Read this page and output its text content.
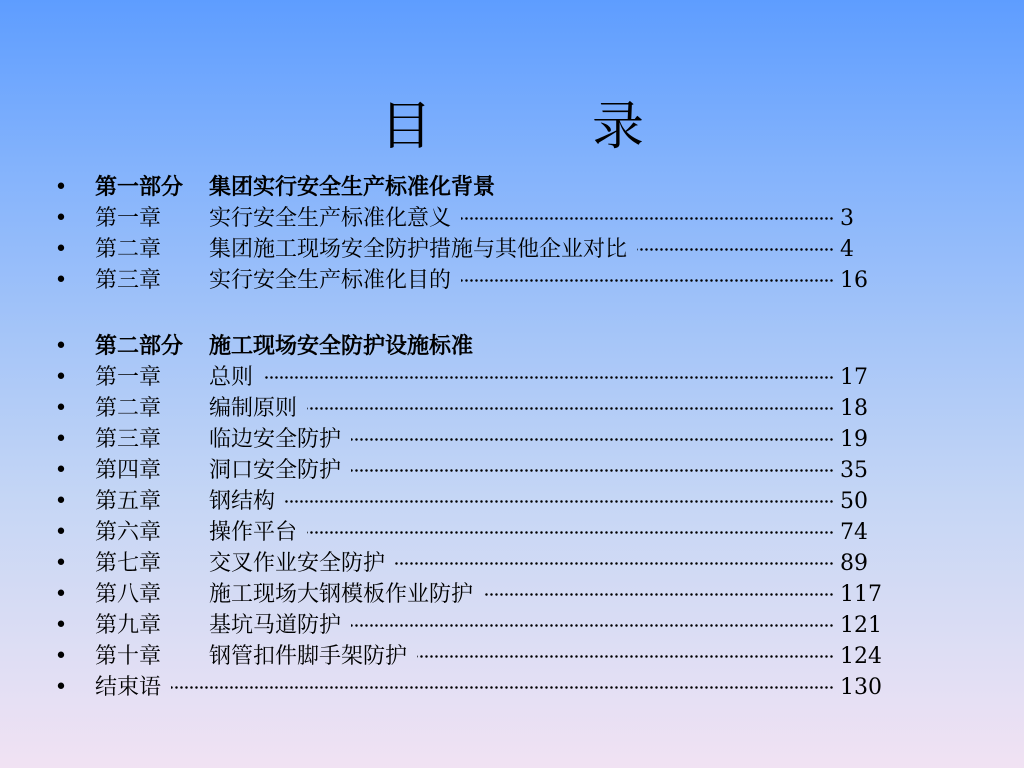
目　录
• 第一部分 集团实行安全生产标准化背景
• 第一章 实行安全生产标准化意义	3
• 第二章 集团施工现场安全防护措施与其他企业对比	4
• 第三章 实行安全生产标准化目的	16
• 第二部分 施工现场安全防护设施标准
• 第一章 总则	17
• 第二章 编制原则	18
• 第三章 临边安全防护	19
• 第四章 洞口安全防护	35
• 第五章 钢结构	50
• 第六章 操作平台	74
• 第七章 交叉作业安全防护	89
• 第八章 施工现场大钢模板作业防护	117
• 第九章 基坑马道防护	121
• 第十章 钢管扣件脚手架防护	124
• 结束语	130
